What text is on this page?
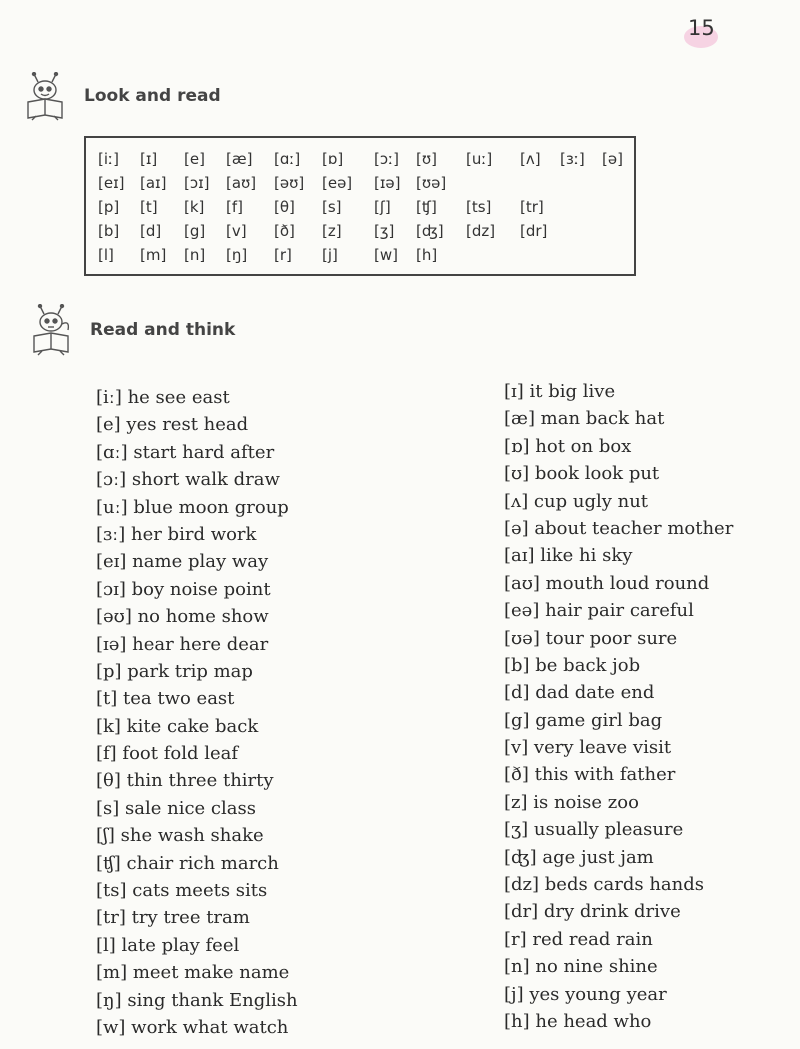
15
Look and read
[iː] [ɪ] [e] [æ] [ɑː] [ɒ] [ɔː] [ʊ] [uː] [ʌ] [ɜː] [ə]
[eɪ] [aɪ] [ɔɪ] [aʊ] [əʊ] [eə] [ɪə] [ʊə]
[p] [t] [k] [f] [θ] [s] [ʃ] [ʧ] [ts] [tr]
[b] [d] [g] [v] [ð] [z] [ʒ] [ʤ] [dz] [dr]
[l] [m] [n] [ŋ] [r] [j] [w] [h]
Read and think
[iː] he see east
[e] yes rest head
[ɑː] start hard after
[ɔː] short walk draw
[uː] blue moon group
[ɜː] her bird work
[eɪ] name play way
[ɔɪ] boy noise point
[əʊ] no home show
[ɪə] hear here dear
[p] park trip map
[t] tea two east
[k] kite cake back
[f] foot fold leaf
[θ] thin three thirty
[s] sale nice class
[ʃ] she wash shake
[ʧ] chair rich march
[ts] cats meets sits
[tr] try tree tram
[l] late play feel
[m] meet make name
[ŋ] sing thank English
[w] work what watch
[ɪ] it big live
[æ] man back hat
[ɒ] hot on box
[ʊ] book look put
[ʌ] cup ugly nut
[ə] about teacher mother
[aɪ] like hi sky
[aʊ] mouth loud round
[eə] hair pair careful
[ʊə] tour poor sure
[b] be back job
[d] dad date end
[g] game girl bag
[v] very leave visit
[ð] this with father
[z] is noise zoo
[ʒ] usually pleasure
[ʤ] age just jam
[dz] beds cards hands
[dr] dry drink drive
[r] red read rain
[n] no nine shine
[j] yes young year
[h] he head who
